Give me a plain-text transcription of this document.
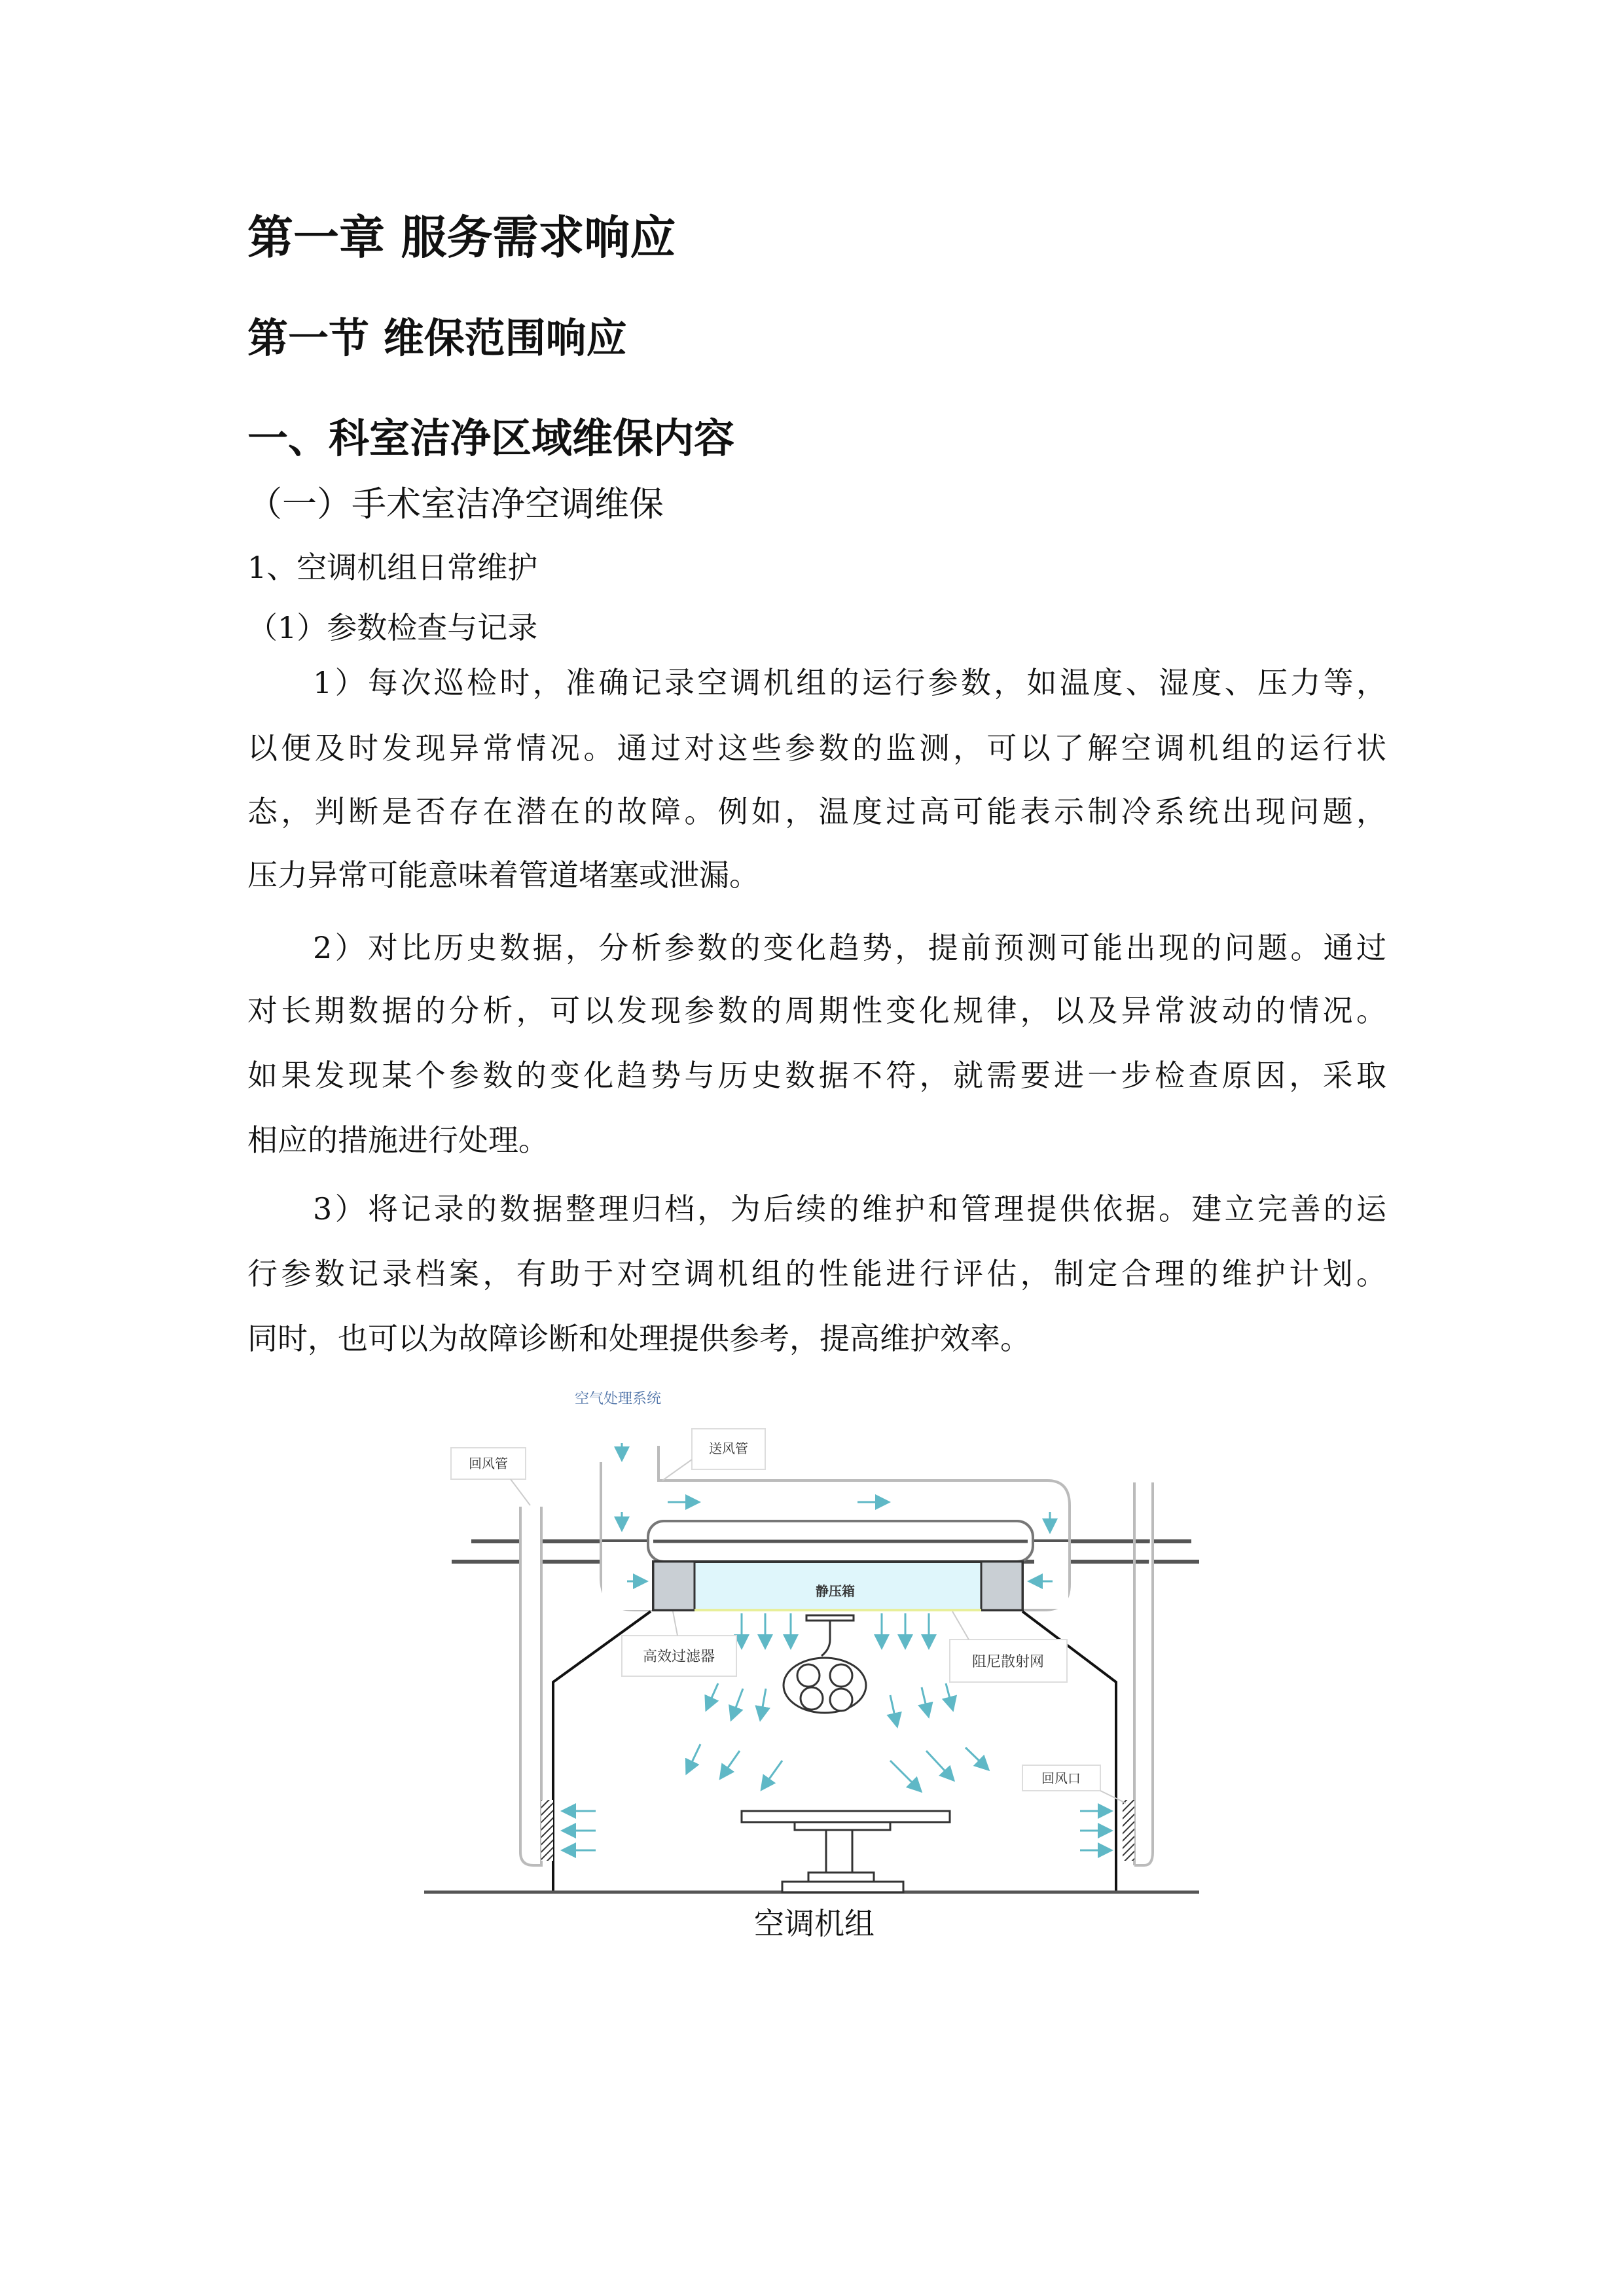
第一章 服务需求响应
第一节 维保范围响应
一、科室洁净区域维保内容
（一）手术室洁净空调维保
1、空调机组日常维护
（1）参数检查与记录
1）每次巡检时，准确记录空调机组的运行参数，如温度、湿度、压力等，
以便及时发现异常情况。通过对这些参数的监测，可以了解空调机组的运行状
态，判断是否存在潜在的故障。例如，温度过高可能表示制冷系统出现问题，
压力异常可能意味着管道堵塞或泄漏。
2）对比历史数据，分析参数的变化趋势，提前预测可能出现的问题。通过
对长期数据的分析，可以发现参数的周期性变化规律，以及异常波动的情况。
如果发现某个参数的变化趋势与历史数据不符，就需要进一步检查原因，采取
相应的措施进行处理。
3）将记录的数据整理归档，为后续的维护和管理提供依据。建立完善的运
行参数记录档案，有助于对空调机组的性能进行评估，制定合理的维护计划。
同时，也可以为故障诊断和处理提供参考，提高维护效率。
静压箱
空气处理系统
回风管
送风管
高效过滤器	阻尼散射网
回风口
空调机组
